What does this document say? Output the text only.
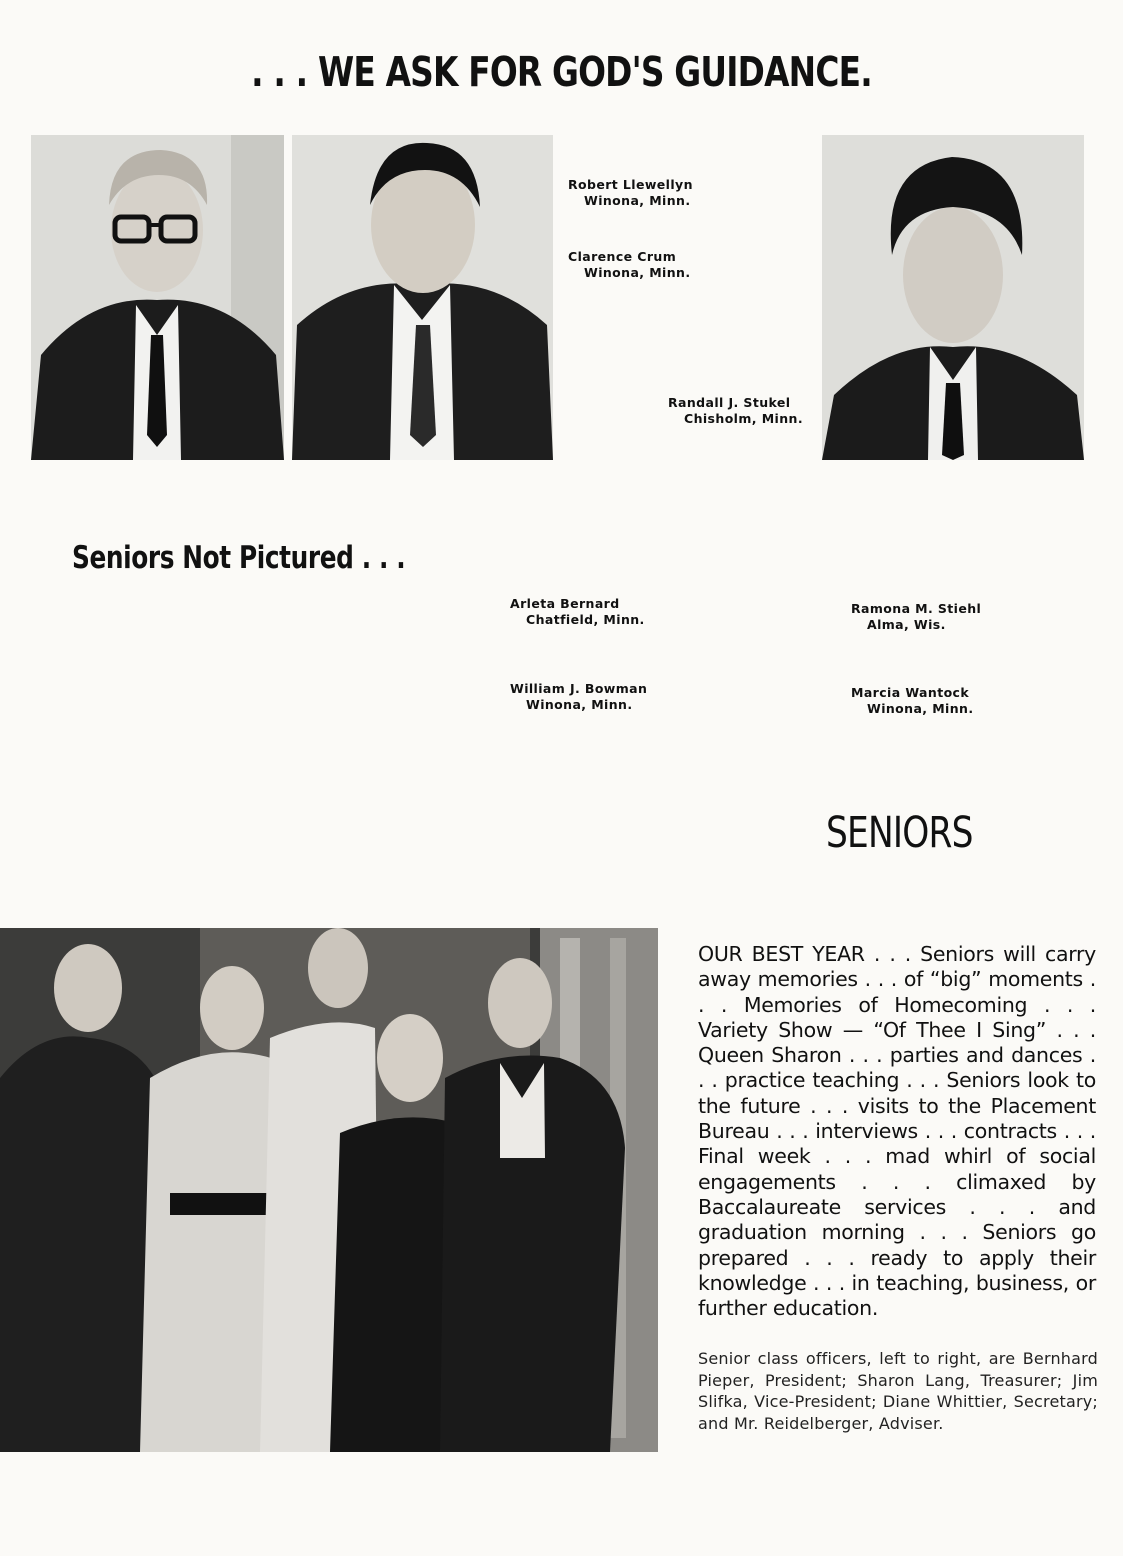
. . . WE ASK FOR GOD'S GUIDANCE.
Robert Llewellyn
Winona, Minn.
Clarence Crum
Winona, Minn.
Randall J. Stukel
Chisholm, Minn.
Seniors Not Pictured . . .
Arleta Bernard
Chatfield, Minn.
William J. Bowman
Winona, Minn.
Ramona M. Stiehl
Alma, Wis.
Marcia Wantock
Winona, Minn.
SENIORS

OUR BEST YEAR . . . Seniors will carry away memories . . . of “big” moments . . . Memories of Homecoming . . . Variety Show — “Of Thee I Sing” . . . Queen Sharon . . . parties and dances . . . practice teaching . . . Seniors look to the future . . . visits to the Placement Bureau . . . interviews . . . contracts . . . Final week . . . mad whirl of social engagements . . . climaxed by Baccalaureate services . . . and graduation morning . . . Seniors go prepared . . . ready to apply their knowledge . . . in teaching, business, or further education.

Senior class officers, left to right, are Bernhard Pieper, President; Sharon Lang, Treasurer; Jim Slifka, Vice-President; Diane Whittier, Secretary; and Mr. Reidelberger, Adviser.
